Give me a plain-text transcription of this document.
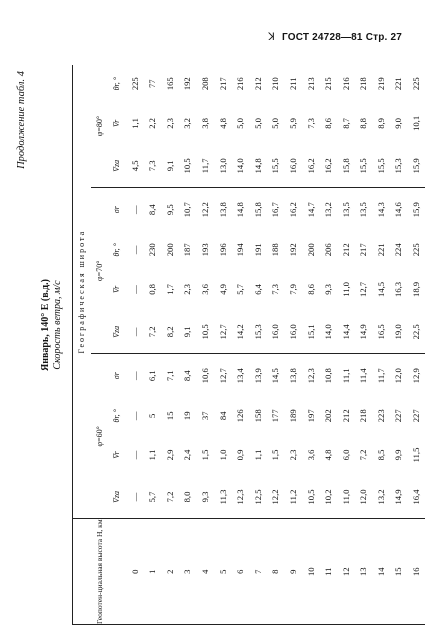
ꓘ ГОСТ 24728—81 Стр. 27
Продолжение табл. 4
Январь, 140° Е (в.д.) Скорость ветра, м/с
Геопотен-циальная высота H, км	Географическая широта										
	φ=60°				φ=70°				φ=80°		
	V̄za	V̄r	θr, °	σr	V̄za	V̄r	θr, °	σr	V̄za	V̄r	θr, °
0	—	—	—	—	—	—	—	—	4,5	1,1	225
1	5,7	1,1	5	6,1	7,2	0,8	230	8,4	7,3	2,2	77
2	7,2	2,9	15	7,1	8,2	1,7	200	9,5	9,1	2,3	165
3	8,0	2,4	19	8,4	9,1	2,3	187	10,7	10,5	3,2	192
4	9,3	1,5	37	10,6	10,5	3,6	193	12,2	11,7	3,8	208
5	11,3	1,0	84	12,7	12,7	4,9	196	13,8	13,0	4,8	217
6	12,3	0,9	126	13,4	14,2	5,7	194	14,8	14,0	5,0	216
7	12,5	1,1	158	13,9	15,3	6,4	191	15,8	14,8	5,0	212
8	12,2	1,5	177	14,5	16,0	7,3	188	16,7	15,5	5,0	210
9	11,2	2,3	189	13,8	16,0	7,9	192	16,2	16,0	5,9	211
10	10,5	3,6	197	12,3	15,1	8,6	200	14,7	16,2	7,3	213
11	10,2	4,8	202	10,8	14,0	9,3	206	13,2	16,2	8,6	215
12	11,0	6,0	212	11,1	14,4	11,0	212	13,5	15,8	8,7	216
13	12,0	7,2	218	11,4	14,9	12,7	217	13,5	15,5	8,8	218
14	13,2	8,5	223	11,7	16,5	14,5	221	14,3	15,5	8,9	219
15	14,9	9,9	227	12,0	19,0	16,3	224	14,6	15,3	9,0	221
16	16,4	11,5	227	12,9	22,5	18,9	225	15,9	15,9	10,1	225
